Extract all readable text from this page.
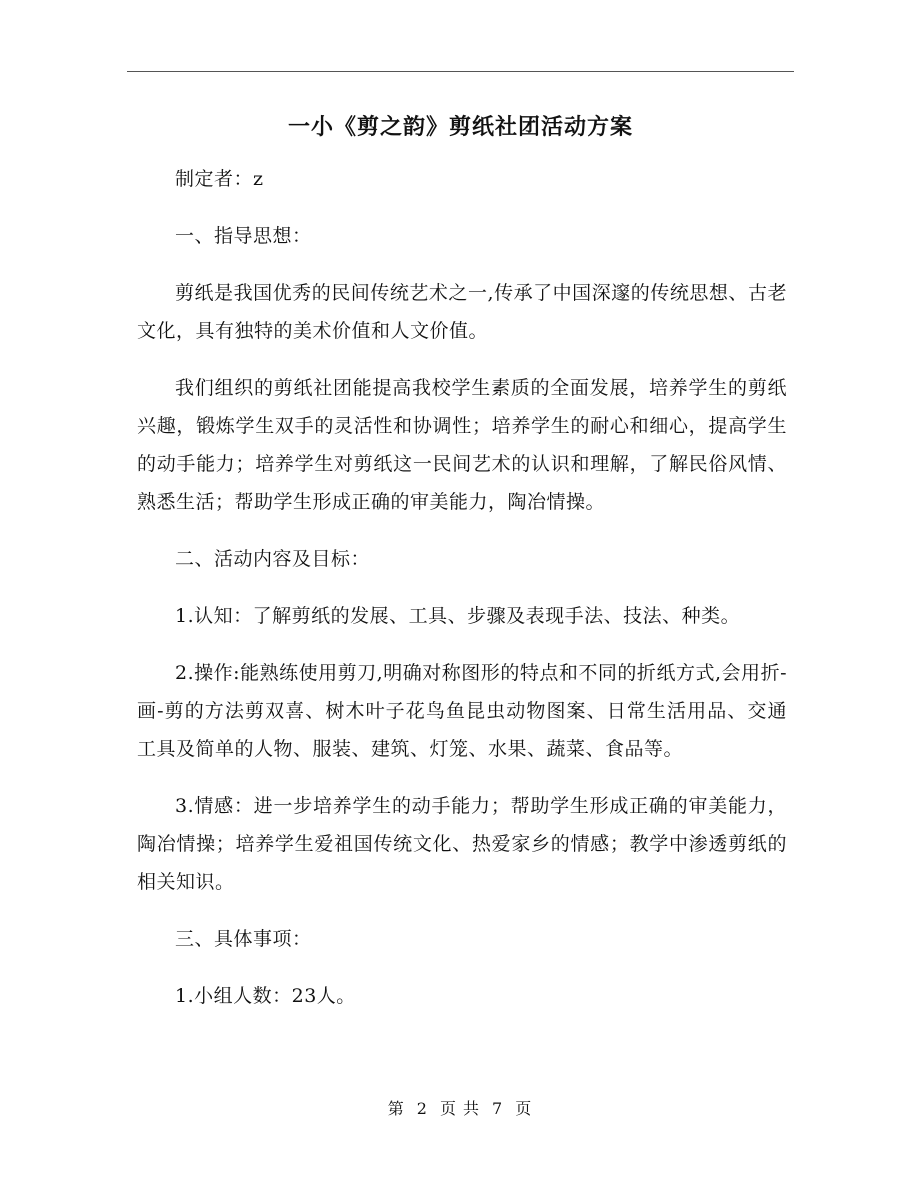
一小《剪之韵》剪纸社团活动方案

制定者：z

一、指导思想：

剪纸是我国优秀的民间传统艺术之一,传承了中国深邃的传统思想、古老文化，具有独特的美术价值和人文价值。

我们组织的剪纸社团能提高我校学生素质的全面发展，培养学生的剪纸兴趣，锻炼学生双手的灵活性和协调性；培养学生的耐心和细心，提高学生的动手能力；培养学生对剪纸这一民间艺术的认识和理解，了解民俗风情、熟悉生活；帮助学生形成正确的审美能力，陶冶情操。

二、活动内容及目标：

1.认知：了解剪纸的发展、工具、步骤及表现手法、技法、种类。

2.操作:能熟练使用剪刀,明确对称图形的特点和不同的折纸方式,会用折-画-剪的方法剪双喜、树木叶子花鸟鱼昆虫动物图案、日常生活用品、交通工具及简单的人物、服装、建筑、灯笼、水果、蔬菜、食品等。

3.情感：进一步培养学生的动手能力；帮助学生形成正确的审美能力，陶冶情操；培养学生爱祖国传统文化、热爱家乡的情感；教学中渗透剪纸的相关知识。

三、具体事项：

1.小组人数：23人。

第 2 页 共 7 页
